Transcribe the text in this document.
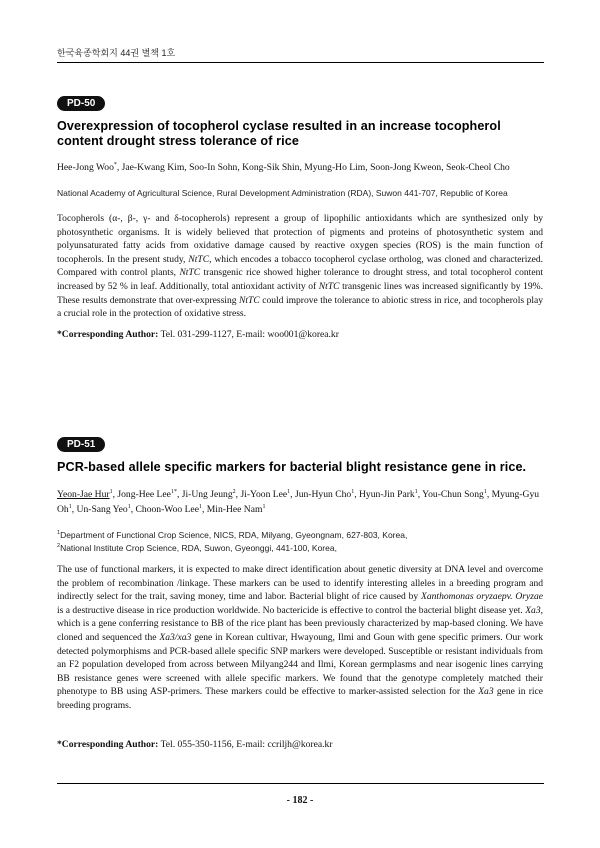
한국육종학회지 44권 별책 1호
PD-50
Overexpression of tocopherol cyclase resulted in an increase tocopherol content drought stress tolerance of rice
Hee-Jong Woo*, Jae-Kwang Kim, Soo-In Sohn, Kong-Sik Shin, Myung-Ho Lim, Soon-Jong Kweon, Seok-Cheol Cho
National Academy of Agricultural Science, Rural Development Administration (RDA), Suwon 441-707, Republic of Korea
Tocopherols (α-, β-, γ- and δ-tocopherols) represent a group of lipophilic antioxidants which are synthesized only by photosynthetic organisms. It is widely believed that protection of pigments and proteins of photosynthetic system and polyunsaturated fatty acids from oxidative damage caused by reactive oxygen species (ROS) is the main function of tocopherols. In the present study, NtTC, which encodes a tobacco tocopherol cyclase ortholog, was cloned and characterized. Compared with control plants, NtTC transgenic rice showed higher tolerance to drought stress, and total tocopherol content increased by 52 % in leaf. Additionally, total antioxidant activity of NtTC transgenic lines was increased significantly by 19%. These results demonstrate that over-expressing NtTC could improve the tolerance to abiotic stress in rice, and tocopherols play a crucial role in the protection of oxidative stress.
*Corresponding Author: Tel. 031-299-1127, E-mail: woo001@korea.kr
PD-51
PCR-based allele specific markers for bacterial blight resistance gene in rice.
Yeon-Jae Hur$^1$, Jong-Hee Lee$^{1*}$, Ji-Ung Jeung$^2$, Ji-Yoon Lee$^1$, Jun-Hyun Cho$^1$, Hyun-Jin Park$^1$, You-Chun Song$^1$, Myung-Gyu Oh$^1$, Un-Sang Yeo$^1$, Choon-Woo Lee$^1$, Min-Hee Nam$^1$
$^1$Department of Functional Crop Science, NICS, RDA, Milyang, Gyeongnam, 627-803, Korea,
$^2$National Institute Crop Science, RDA, Suwon, Gyeonggi, 441-100, Korea,
The use of functional markers, it is expected to make direct identification about genetic diversity at DNA level and overcome the problem of recombination /linkage. These markers can be used to identify interesting alleles in a breeding program and indirectly select for the trait, saving money, time and labor. Bacterial blight of rice caused by Xanthomonas oryzaepv. Oryzae is a destructive disease in rice production worldwide. No bactericide is effective to control the bacterial blight disease yet. Xa3, which is a gene conferring resistance to BB of the rice plant has been previously characterized by map-based cloning. We have cloned and sequenced the Xa3/xa3 gene in Korean cultivar, Hwayoung, Ilmi and Goun with gene specific primers. Our work detected polymorphisms and PCR-based allele specific SNP markers were developed. Susceptible or resistant individuals from an F2 population developed from across between Milyang244 and Ilmi, Korean germplasms and near isogenic lines carrying BB resistance genes were screened with allele specific markers. We found that the genotype completely matched their phenotype to BB using ASP-primers. These markers could be effective to marker-assisted selection for the Xa3 gene in rice breeding programs.
*Corresponding Author: Tel. 055-350-1156, E-mail: ccriljh@korea.kr
- 182 -
